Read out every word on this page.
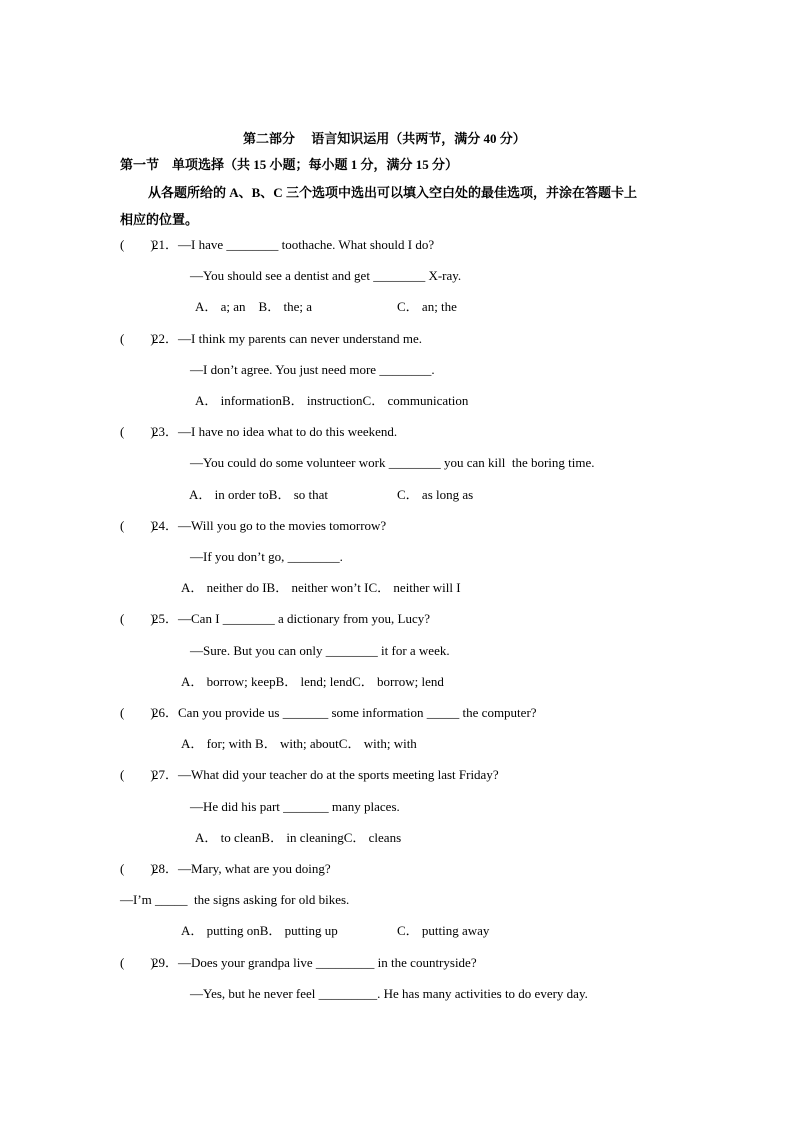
第二部分　 语言知识运用（共两节，满分 40 分）
第一节　单项选择（共 15 小题；每小题 1 分，满分 15 分）
从各题所给的 A、B、C 三个选项中选出可以填入空白处的最佳选项，并涂在答题卡上
相应的位置。
(　　)21．—I have ________ toothache. What should I do?
—You should see a dentist and get ________ X-ray.
A． a; an　B． the; a	C． an; the
(　　)22．—I think my parents can never understand me.
—I don’t agree. You just need more ________.
A． informationB． instructionC． communication
(　　)23．—I have no idea what to do this weekend.
—You could do some volunteer work ________ you can kill  the boring time.
A． in order toB． so that	C． as long as
(　　)24．—Will you go to the movies tomorrow?
—If you don’t go, ________.
A． neither do IB． neither won’t IC． neither will I
(　　)25．—Can I ________ a dictionary from you, Lucy?
—Sure. But you can only ________ it for a week.
A． borrow; keepB． lend; lendC． borrow; lend
(　　)26．Can you provide us _______ some information _____ the computer?
A． for; with B． with; aboutC． with; with
(　　)27．—What did your teacher do at the sports meeting last Friday?
—He did his part _______ many places.
A． to cleanB． in cleaningC． cleans
(　　)28．—Mary, what are you doing?
—I’m _____  the signs asking for old bikes.
A． putting onB． putting up	C． putting away
(　　)29．—Does your grandpa live _________ in the countryside?
—Yes, but he never feel _________. He has many activities to do every day.
